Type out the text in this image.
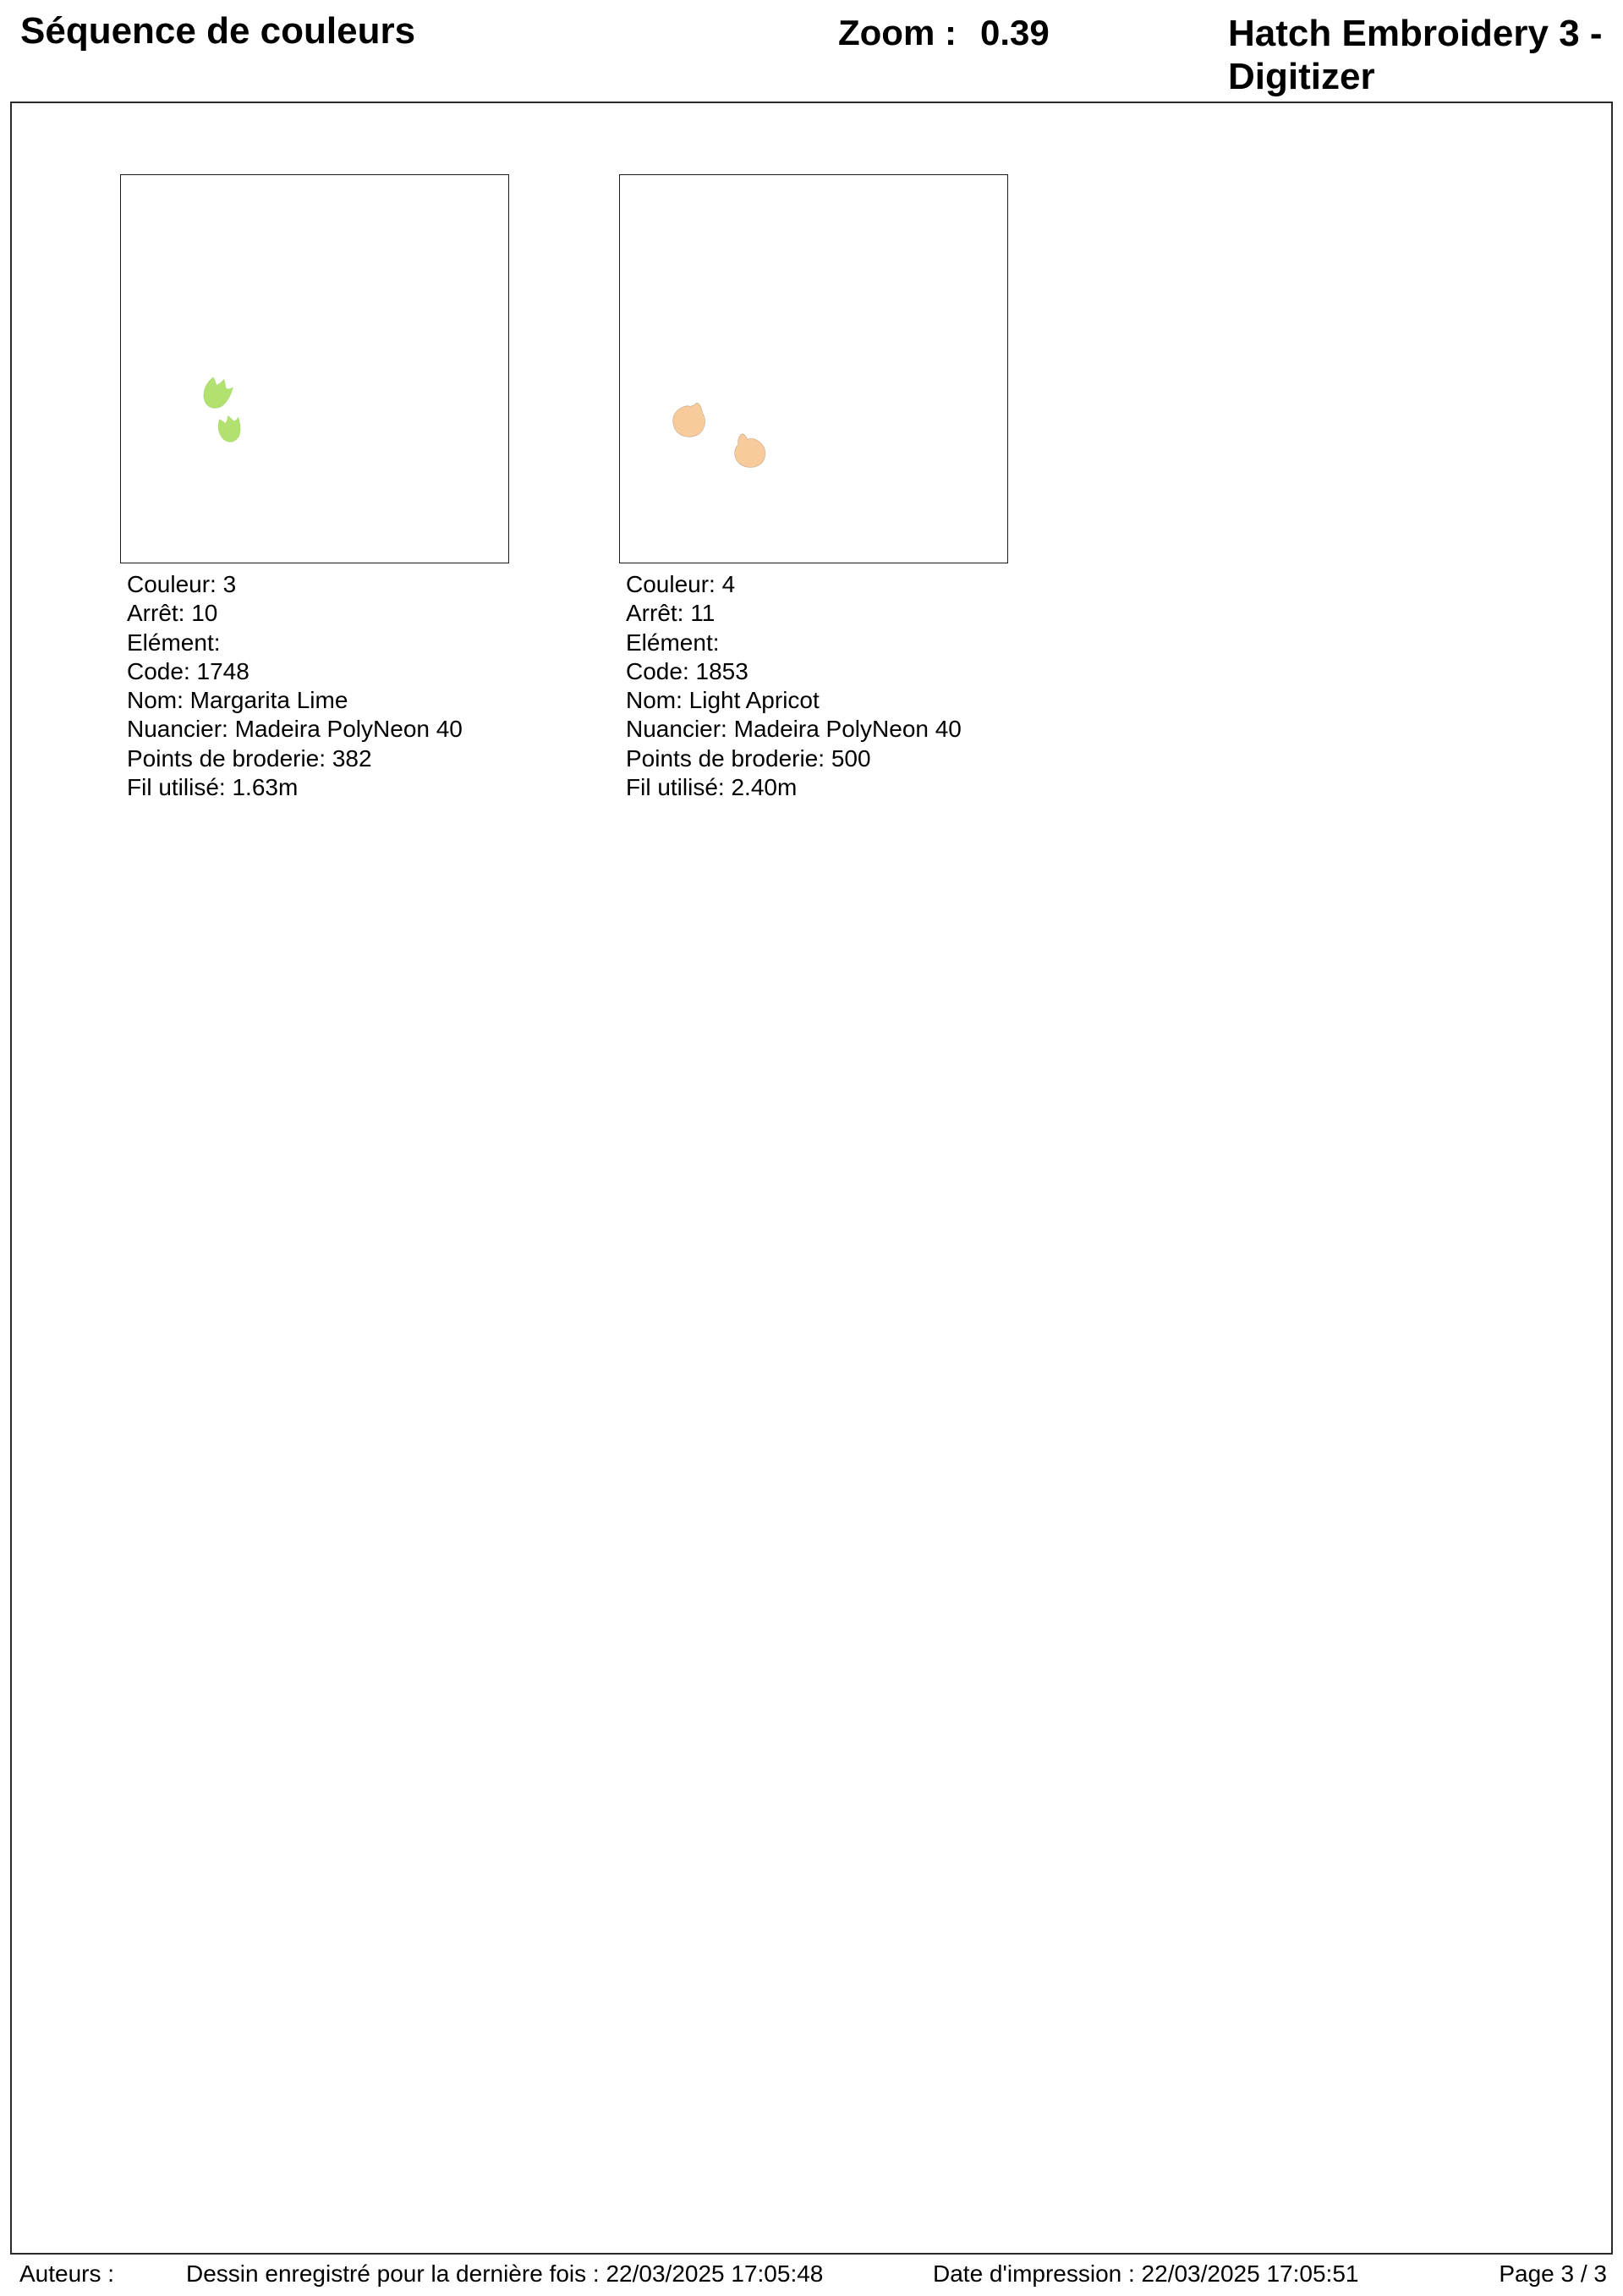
Séquence de couleurs	Zoom : 0.39	Hatch Embroidery 3 -
Digitizer
Couleur: 3
Arrêt: 10
Elément:
Code: 1748
Nom: Margarita Lime
Nuancier: Madeira PolyNeon 40
Points de broderie: 382
Fil utilisé: 1.63m
Couleur: 4
Arrêt: 11
Elément:
Code: 1853
Nom: Light Apricot
Nuancier: Madeira PolyNeon 40
Points de broderie: 500
Fil utilisé: 2.40m
Auteurs :	Dessin enregistré pour la dernière fois : 22/03/2025 17:05:48	Date d'impression : 22/03/2025 17:05:51	Page 3 / 3
